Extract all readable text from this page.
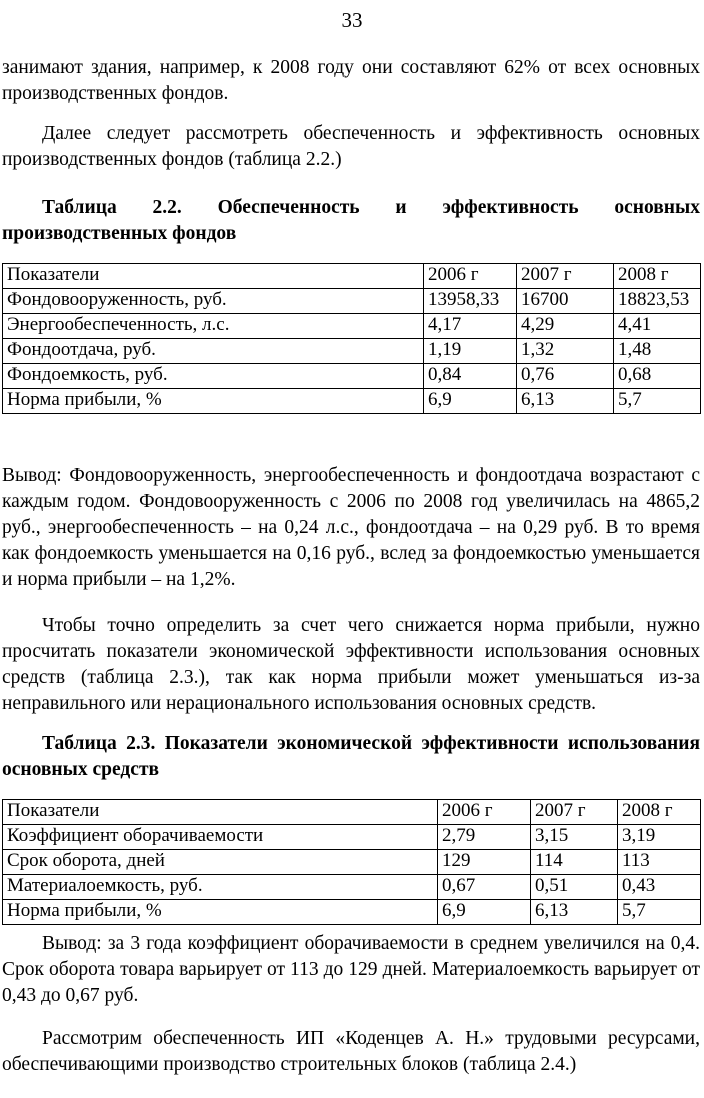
33
занимают здания, например, к 2008 году они составляют 62% от всех основных производственных фондов.
Далее следует рассмотреть обеспеченность и эффективность основных производственных фондов (таблица 2.2.)
Таблица 2.2. Обеспеченность и эффективность основных производственных фондов
Показатели	2006 г	2007 г	2008 г
Фондовооруженность, руб.	13958,33	16700	18823,53
Энергообеспеченность, л.с.	4,17	4,29	4,41
Фондоотдача, руб.	1,19	1,32	1,48
Фондоемкость, руб.	0,84	0,76	0,68
Норма прибыли, %	6,9	6,13	5,7
Вывод: Фондовооруженность, энергообеспеченность и фондоотдача возрастают с каждым годом. Фондовооруженность с 2006 по 2008 год увеличилась на 4865,2 руб., энергообеспеченность – на 0,24 л.с., фондоотдача – на 0,29 руб. В то время как фондоемкость уменьшается на 0,16 руб., вслед за фондоемкостью уменьшается и норма прибыли – на 1,2%.
Чтобы точно определить за счет чего снижается норма прибыли, нужно просчитать показатели экономической эффективности использования основных средств (таблица 2.3.), так как норма прибыли может уменьшаться из-за неправильного или нерационального использования основных средств.
Таблица 2.3. Показатели экономической эффективности использования основных средств
Показатели	2006 г	2007 г	2008 г
Коэффициент оборачиваемости	2,79	3,15	3,19
Срок оборота, дней	129	114	113
Материалоемкость, руб.	0,67	0,51	0,43
Норма прибыли, %	6,9	6,13	5,7
Вывод: за 3 года коэффициент оборачиваемости в среднем увеличился на 0,4. Срок оборота товара варьирует от 113 до 129 дней. Материалоемкость варьирует от 0,43 до 0,67 руб.
Рассмотрим обеспеченность ИП «Коденцев А. Н.» трудовыми ресурсами, обеспечивающими производство строительных блоков (таблица 2.4.)
